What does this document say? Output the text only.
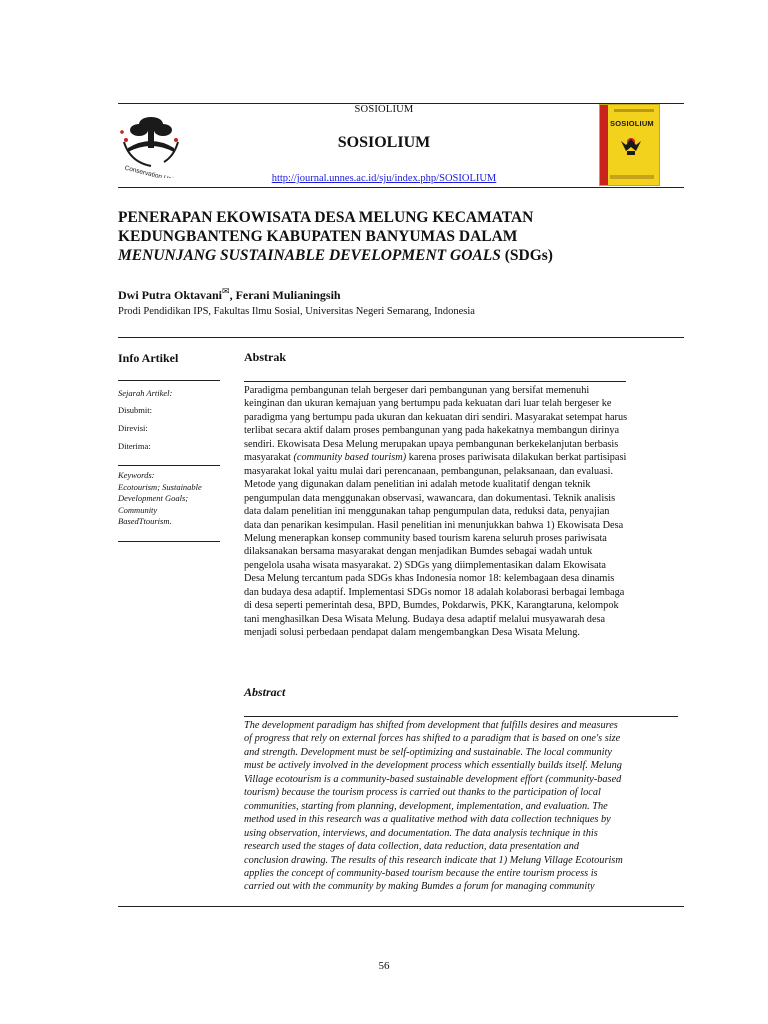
Conservation University
SOSIOLIUM
SOSIOLIUM
http://journal.unnes.ac.id/sju/index.php/SOSIOLIUM
SOSIOLIUM
PENERAPAN EKOWISATA DESA MELUNG KECAMATAN
KEDUNGBANTENG KABUPATEN BANYUMAS DALAM
MENUNJANG SUSTAINABLE DEVELOPMENT GOALS (SDGs)
Dwi Putra Oktavani✉, Ferani Mulianingsih
Prodi Pendidikan IPS, Fakultas Ilmu Sosial, Universitas Negeri Semarang, Indonesia
Info Artikel
Sejarah Artikel:
Disubmit:
Direvisi:
Diterima:
Keywords:
Ecotourism; Sustainable
Development Goals;
Community
BasedTtourism.
Abstrak
Paradigma pembangunan telah bergeser dari pembangunan yang bersifat memenuhi
keinginan dan ukuran kemajuan yang bertumpu pada kekuatan dari luar telah bergeser ke
paradigma yang bertumpu pada ukuran dan kekuatan diri sendiri. Masyarakat setempat harus
terlibat secara aktif dalam proses pembangunan yang pada hakekatnya membangun dirinya
sendiri. Ekowisata Desa Melung merupakan upaya pembangunan berkekelanjutan berbasis
masyarakat (community based tourism) karena proses pariwisata dilakukan berkat partisipasi
masyarakat lokal yaitu mulai dari perencanaan, pembangunan, pelaksanaan, dan evaluasi.
Metode yang digunakan dalam penelitian ini adalah metode kualitatif dengan teknik
pengumpulan data menggunakan observasi, wawancara, dan dokumentasi. Teknik analisis
data dalam penelitian ini menggunakan tahap pengumpulan data, reduksi data, penyajian
data dan penarikan kesimpulan. Hasil penelitian ini menunjukkan bahwa 1) Ekowisata Desa
Melung menerapkan konsep community based tourism karena seluruh proses pariwisata
dilaksanakan bersama masyarakat dengan menjadikan Bumdes sebagai wadah untuk
pengelola usaha wisata masyarakat. 2) SDGs yang diimplementasikan dalam Ekowisata
Desa Melung tercantum pada SDGs khas Indonesia nomor 18: kelembagaan desa dinamis
dan budaya desa adaptif. Implementasi SDGs nomor 18 adalah kolaborasi berbagai lembaga
di desa seperti pemerintah desa, BPD, Bumdes, Pokdarwis, PKK, Karangtaruna, kelompok
tani menghasilkan Desa Wisata Melung. Budaya desa adaptif melalui musyawarah desa
menjadi solusi perbedaan pendapat dalam mengembangkan Desa Wisata Melung.
Abstract
The development paradigm has shifted from development that fulfills desires and measures
of progress that rely on external forces has shifted to a paradigm that is based on one's size
and strength. Development must be self-optimizing and sustainable. The local community
must be actively involved in the development process which essentially builds itself. Melung
Village ecotourism is a community-based sustainable development effort (community-based
tourism) because the tourism process is carried out thanks to the participation of local
communities, starting from planning, development, implementation, and evaluation. The
method used in this research was a qualitative method with data collection techniques by
using observation, interviews, and documentation. The data analysis technique in this
research used the stages of data collection, data reduction, data presentation and
conclusion drawing. The results of this research indicate that 1) Melung Village Ecotourism
applies the concept of community-based tourism because the entire tourism process is
carried out with the community by making Bumdes a forum for managing community
56
